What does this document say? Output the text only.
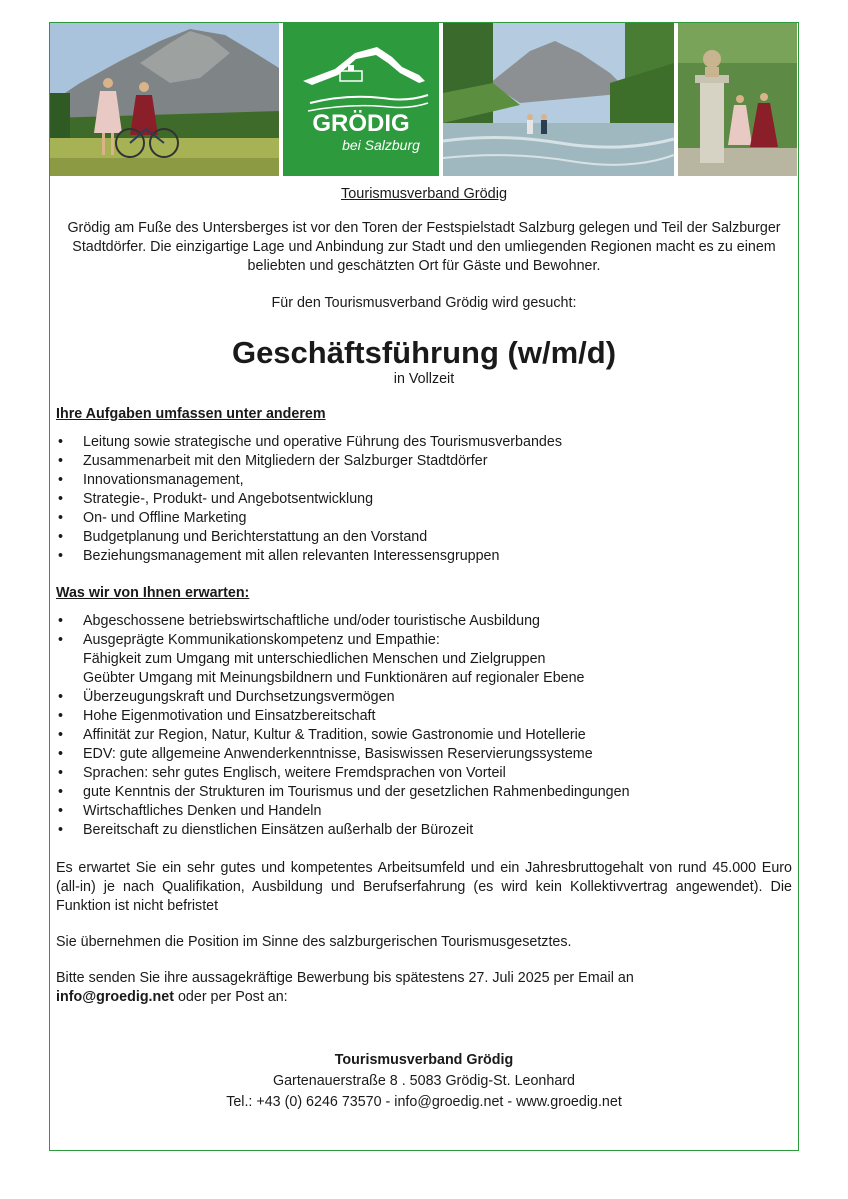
GRÖDIG
bei Salzburg
Tourismusverband Grödig
Grödig am Fuße des Untersberges ist vor den Toren der Festspielstadt Salzburg gelegen und Teil der Salzburger Stadtdörfer. Die einzigartige Lage und Anbindung zur Stadt und den umliegenden Regionen macht es zu einem beliebten und geschätzten Ort für Gäste und Bewohner.
Für den Tourismusverband Grödig wird gesucht:
Geschäftsführung (w/m/d)
in Vollzeit
Ihre Aufgaben umfassen unter anderem
• Leitung sowie strategische und operative Führung des Tourismusverbandes
• Zusammenarbeit mit den Mitgliedern der Salzburger Stadtdörfer
• Innovationsmanagement,
• Strategie-, Produkt- und Angebotsentwicklung
• On- und Offline Marketing
• Budgetplanung und Berichterstattung an den Vorstand
• Beziehungsmanagement mit allen relevanten Interessensgruppen
Was wir von Ihnen erwarten:
• Abgeschossene betriebswirtschaftliche und/oder touristische Ausbildung
• Ausgeprägte Kommunikationskompetenz und Empathie:
Fähigkeit zum Umgang mit unterschiedlichen Menschen und Zielgruppen
Geübter Umgang mit Meinungsbildnern und Funktionären auf regionaler Ebene
• Überzeugungskraft und Durchsetzungsvermögen
• Hohe Eigenmotivation und Einsatzbereitschaft
• Affinität zur Region, Natur, Kultur & Tradition, sowie Gastronomie und Hotellerie
• EDV: gute allgemeine Anwenderkenntnisse, Basiswissen Reservierungssysteme
• Sprachen: sehr gutes Englisch, weitere Fremdsprachen von Vorteil
• gute Kenntnis der Strukturen im Tourismus und der gesetzlichen Rahmenbedingungen
• Wirtschaftliches Denken und Handeln
• Bereitschaft zu dienstlichen Einsätzen außerhalb der Bürozeit
Es erwartet Sie ein sehr gutes und kompetentes Arbeitsumfeld und ein Jahresbruttogehalt von rund 45.000 Euro (all-in) je nach Qualifikation, Ausbildung und Berufserfahrung (es wird kein Kollektivvertrag angewendet). Die Funktion ist nicht befristet
Sie übernehmen die Position im Sinne des salzburgerischen Tourismusgesetztes.
Bitte senden Sie ihre aussagekräftige Bewerbung bis spätestens 27. Juli 2025 per Email an
info@groedig.net oder per Post an:
Tourismusverband Grödig
Gartenauerstraße 8 . 5083 Grödig-St. Leonhard
Tel.: +43 (0) 6246 73570 - info@groedig.net - www.groedig.net
